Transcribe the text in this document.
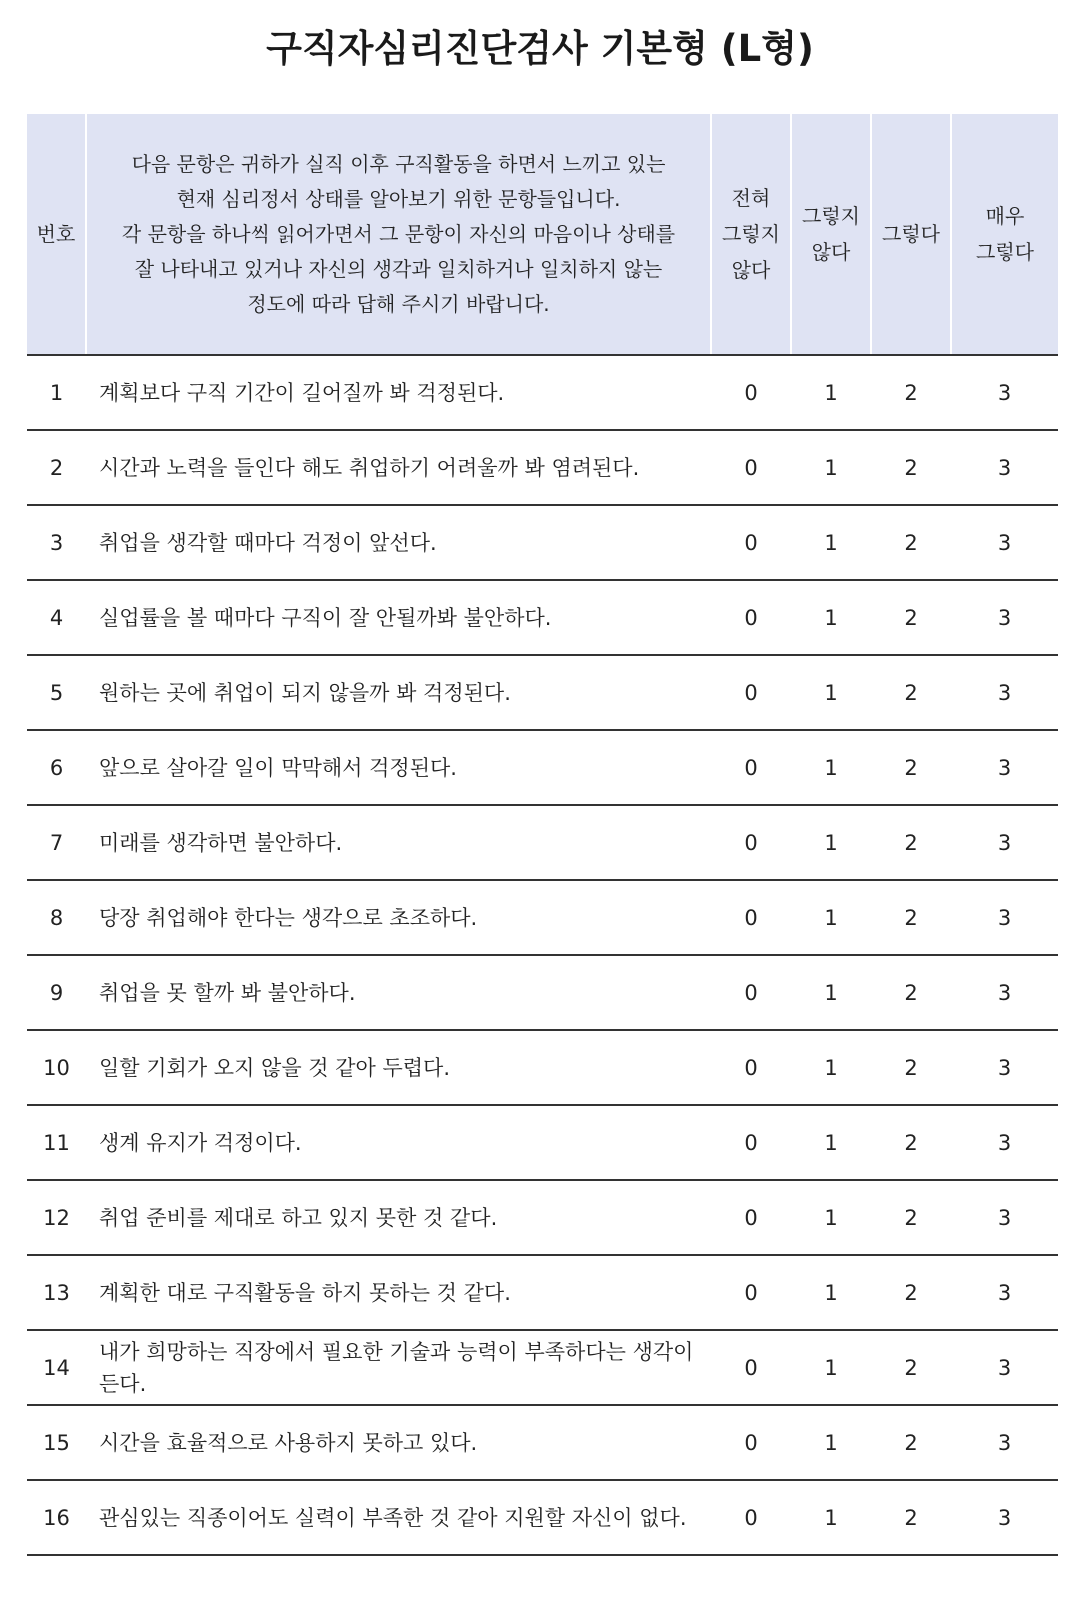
구직자심리진단검사 기본형 (L형)
번호	다음 문항은 귀하가 실직 이후 구직활동을 하면서 느끼고 있는
현재 심리정서 상태를 알아보기 위한 문항들입니다.
각 문항을 하나씩 읽어가면서 그 문항이 자신의 마음이나 상태를
잘 나타내고 있거나 자신의 생각과 일치하거나 일치하지 않는
정도에 따라 답해 주시기 바랍니다.	전혀
그렇지
않다	그렇지
않다	그렇다	매우
그렇다

1	계획보다 구직 기간이 길어질까 봐 걱정된다.	0	1	2	3
2	시간과 노력을 들인다 해도 취업하기 어려울까 봐 염려된다.	0	1	2	3
3	취업을 생각할 때마다 걱정이 앞선다.	0	1	2	3
4	실업률을 볼 때마다 구직이 잘 안될까봐 불안하다.	0	1	2	3
5	원하는 곳에 취업이 되지 않을까 봐 걱정된다.	0	1	2	3
6	앞으로 살아갈 일이 막막해서 걱정된다.	0	1	2	3
7	미래를 생각하면 불안하다.	0	1	2	3
8	당장 취업해야 한다는 생각으로 초조하다.	0	1	2	3
9	취업을 못 할까 봐 불안하다.	0	1	2	3
10	일할 기회가 오지 않을 것 같아 두렵다.	0	1	2	3
11	생계 유지가 걱정이다.	0	1	2	3
12	취업 준비를 제대로 하고 있지 못한 것 같다.	0	1	2	3
13	계획한 대로 구직활동을 하지 못하는 것 같다.	0	1	2	3
14	내가 희망하는 직장에서 필요한 기술과 능력이 부족하다는 생각이 든다.	0	1	2	3
15	시간을 효율적으로 사용하지 못하고 있다.	0	1	2	3
16	관심있는 직종이어도 실력이 부족한 것 같아 지원할 자신이 없다.	0	1	2	3
